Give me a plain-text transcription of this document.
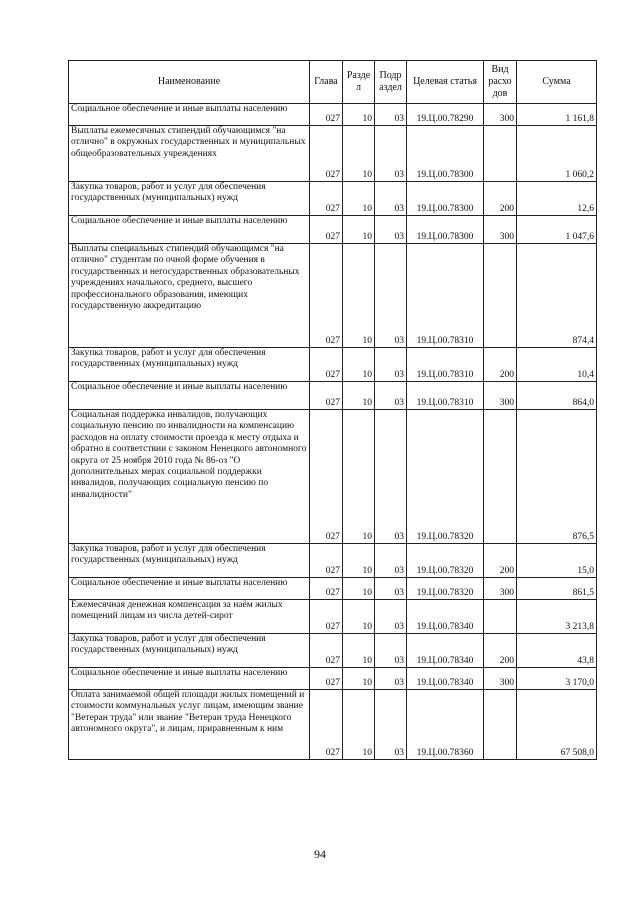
Наименование	Глава	Разде л	Подр аздел	Целевая статья	Вид расхо дов	Сумма
Социальное обеспечение и иные выплаты населению	027	10	03	19.Ц.00.78290	300	1 161,8
Выплаты ежемесячных стипендий обучающимся "на отлично" в окружных государственных и муниципальных общеобразовательных учреждениях	027	10	03	19.Ц.00.78300		1 060,2
Закупка товаров, работ и услуг для обеспечения государственных (муниципальных) нужд	027	10	03	19.Ц.00.78300	200	12,6
Социальное обеспечение и иные выплаты населению	027	10	03	19.Ц.00.78300	300	1 047,6
Выплаты специальных стипендий обучающимся "на отлично" студентам по очной форме обучения в государственных и негосударственных образовательных учреждениях начального, среднего, высшего профессионального образования, имеющих государственную аккредитацию	027	10	03	19.Ц.00.78310		874,4
Закупка товаров, работ и услуг для обеспечения государственных (муниципальных) нужд	027	10	03	19.Ц.00.78310	200	10,4
Социальное обеспечение и иные выплаты населению	027	10	03	19.Ц.00.78310	300	864,0
Социальная поддержка инвалидов, получающих социальную пенсию по инвалидности на компенсацию расходов на оплату стоимости проезда к месту отдыха и обратно в соответствии с законом Ненецкого автономного округа от 25 ноября 2010 года № 86-оз "О дополнительных мерах социальной поддержки инвалидов, получающих социальную пенсию по инвалидности"	027	10	03	19.Ц.00.78320		876,5
Закупка товаров, работ и услуг для обеспечения государственных (муниципальных) нужд	027	10	03	19.Ц.00.78320	200	15,0
Социальное обеспечение и иные выплаты населению	027	10	03	19.Ц.00.78320	300	861,5
Ежемесячная денежная компенсация за наём жилых помещений лицам из числа детей-сирот	027	10	03	19.Ц.00.78340		3 213,8
Закупка товаров, работ и услуг для обеспечения государственных (муниципальных) нужд	027	10	03	19.Ц.00.78340	200	43,8
Социальное обеспечение и иные выплаты населению	027	10	03	19.Ц.00.78340	300	3 170,0
Оплата занимаемой общей площади жилых помещений и стоимости коммунальных услуг лицам, имеющим звание "Ветеран труда" или звание "Ветеран труда Ненецкого автономного округа", и лицам, приравненным к ним	027	10	03	19.Ц.00.78360		67 508,0
94
